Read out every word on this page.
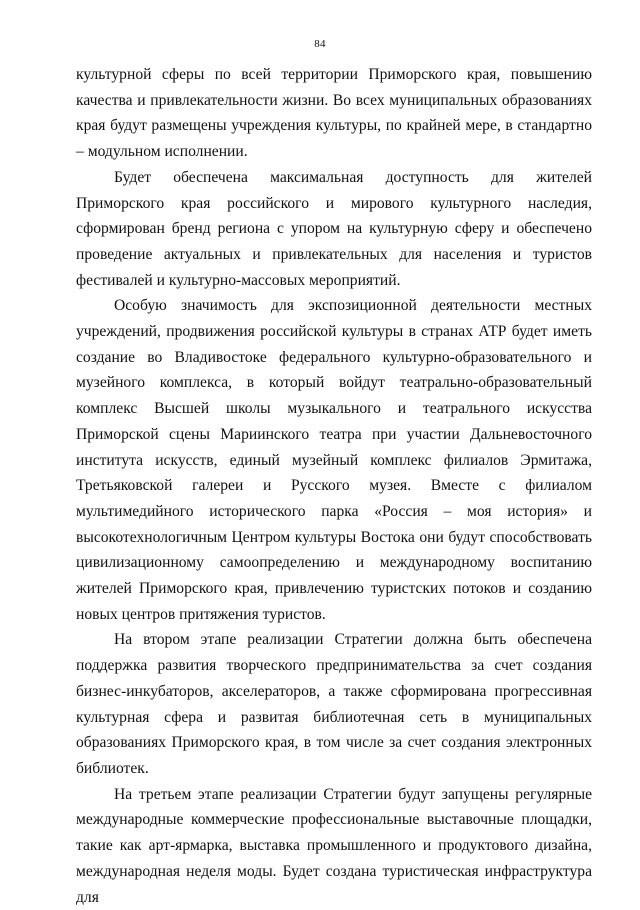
84

культурной сферы по всей территории Приморского края, повышению качества и привлекательности жизни. Во всех муниципальных образованиях края будут размещены учреждения культуры, по крайней мере, в стандартно – модульном исполнении.

Будет обеспечена максимальная доступность для жителей Приморского края российского и мирового культурного наследия, сформирован бренд региона с упором на культурную сферу и обеспечено проведение актуальных и привлекательных для населения и туристов фестивалей и культурно-массовых мероприятий.

Особую значимость для экспозиционной деятельности местных учреждений, продвижения российской культуры в странах АТР будет иметь создание во Владивостоке федерального культурно-образовательного и музейного комплекса, в который войдут театрально-образовательный комплекс Высшей школы музыкального и театрального искусства Приморской сцены Мариинского театра при участии Дальневосточного института искусств, единый музейный комплекс филиалов Эрмитажа, Третьяковской галереи и Русского музея. Вместе с филиалом мультимедийного исторического парка «Россия – моя история» и высокотехнологичным Центром культуры Востока они будут способствовать цивилизационному самоопределению и международному воспитанию жителей Приморского края, привлечению туристских потоков и созданию новых центров притяжения туристов.

На втором этапе реализации Стратегии должна быть обеспечена поддержка развития творческого предпринимательства за счет создания бизнес-инкубаторов, акселераторов, а также сформирована прогрессивная культурная сфера и развитая библиотечная сеть в муниципальных образованиях Приморского края, в том числе за счет создания электронных библиотек.

На третьем этапе реализации Стратегии будут запущены регулярные международные коммерческие профессиональные выставочные площадки, такие как арт-ярмарка, выставка промышленного и продуктового дизайна, международная неделя моды. Будет создана туристическая инфраструктура для
